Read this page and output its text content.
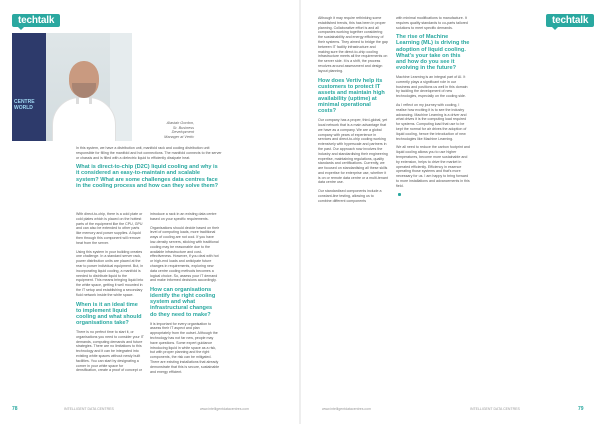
techtalk	techtalk
CENTRE WORLD
Alastair Gordon,
Sr. Business
Development
Manager at Vertiv

In this system, we have a distribution unit, manifold rack and cooling distribution unit responsible for filling the manifold and hot connections. The manifold connects to the server or chassis and is filled with a dielectric liquid to efficiently dissipate heat.

What is direct-to-chip (D2C) liquid cooling and why is it considered an easy-to-maintain and scalable system? What are some challenges data centres face in the cooling process and how can they solve them?

With direct-to-chip, there is a cold plate or cold plates which is placed on the hottest parts of the equipment like the CPU, GPU and can also be extended to other parts like memory and power supplies. A liquid then through this component will remove heat from the server.

Using this system in your building creates one challenge. In a standard server rack, power distribution units are placed at the rear to power individual equipment. But, in incorporating liquid cooling, a manifold is needed to distribute liquid to the equipment. This means bringing liquid into the white space, getting it well mounted in the IT setup and establishing a secondary fluid network inside the white space.

When is it an ideal time to implement liquid cooling and what should organisations take?

There is no perfect time to start it, or organisations you need to consider your IT demands, computing demands and future strategies. There are no limitations to this technology and it can be integrated into existing white spaces without newly built facilities. You can start by designating a corner in your white space for densification, create a proof of concept or

introduce a rack in an existing data centre based on your specific requirements.

Organisations should decide based on their level of computing loads, more traditional ways of cooling are not cool. If you have low-density servers, sticking with traditional cooling may be reasonable due to the available infrastructure and cost-effectiveness. However, if you deal with hot or high-end loads and anticipate future changes in requirements, exploring new data centre cooling methods becomes a logical choice. So, assess your IT demand and make informed decisions accordingly.

How can organisations identify the right cooling system and what infrastructural changes do they need to make?

It is important for every organisation to assess their IT aspect and plan appropriately from the outset. Although the technology has not far new, people may have questions. Some expert guidance introducing liquid in white space as a risk, but with proper planning and the right components, the risk can be mitigated. There are existing installations that already demonstrate that this is secure, sustainable and energy efficient.

Although it may require rethinking some established trends, this has been in proper planning. Collaborative effort is and all companies working together considering the sustainability and energy efficiency of their systems. They aimed to bridge the gap between IT facility infrastructure and making sure the direct-to-chip cooling infrastructure meets all the requirements on the server side. It is a shift, the process revolves around assessment and design layout planning.

How does Vertiv help its customers to protect IT assets and maintain high availability (uptime) at minimal operational costs?

Our company has a proper, third-global, yet local network that is a main advantage that we have as a company. We are a global company with years of experience in services and direct-to-chip cooling working extensively with hyperscale and partners in the past. Our approach now involves the industry and standardising their engineering expertise, maintaining regulations, quality standards and certifications. Currently, we are focused on standardising all these skills and expertise for enterprise use, whether it is on or remote data centre or a multi-tenant data centre use.

Our standardised components include a constant-line testing, allowing us to combine different components

with minimal modifications to manufacture. It requires quality standards to co-parts tailored solutions to meet specific demands.

The rise of Machine Learning (ML) is driving the adoption of liquid cooling. What's your take on this and how do you see it evolving in the future?

Machine Learning is an integral part of AI. It currently plays a significant role in our business and positions us well in this domain by tackling the development of new technologies, especially on the cooling side.

As I reflect on my journey with cooling, I realise how exciting it is to see the industry advancing. Machine Learning is a driver and what drives it is the computing load required for systems. Computing load that use to be kept the normal for air drives the adoption of liquid cooling, hence the introduction of new technologies like Machine Learning.

We all need to reduce the carbon footprint and liquid cooling allows you to use higher temperatures, become more sustainable and by extension, helps to drive the market in operated efficiently. Efficiency in essence operating those systems and that's more necessary for us. I am happy to bring forward to more installations and advancements in this field.

78	INTELLIGENT DATA CENTRES	www.intelligentdatacentres.com	www.intelligentdatacentres.com	INTELLIGENT DATA CENTRES	79
